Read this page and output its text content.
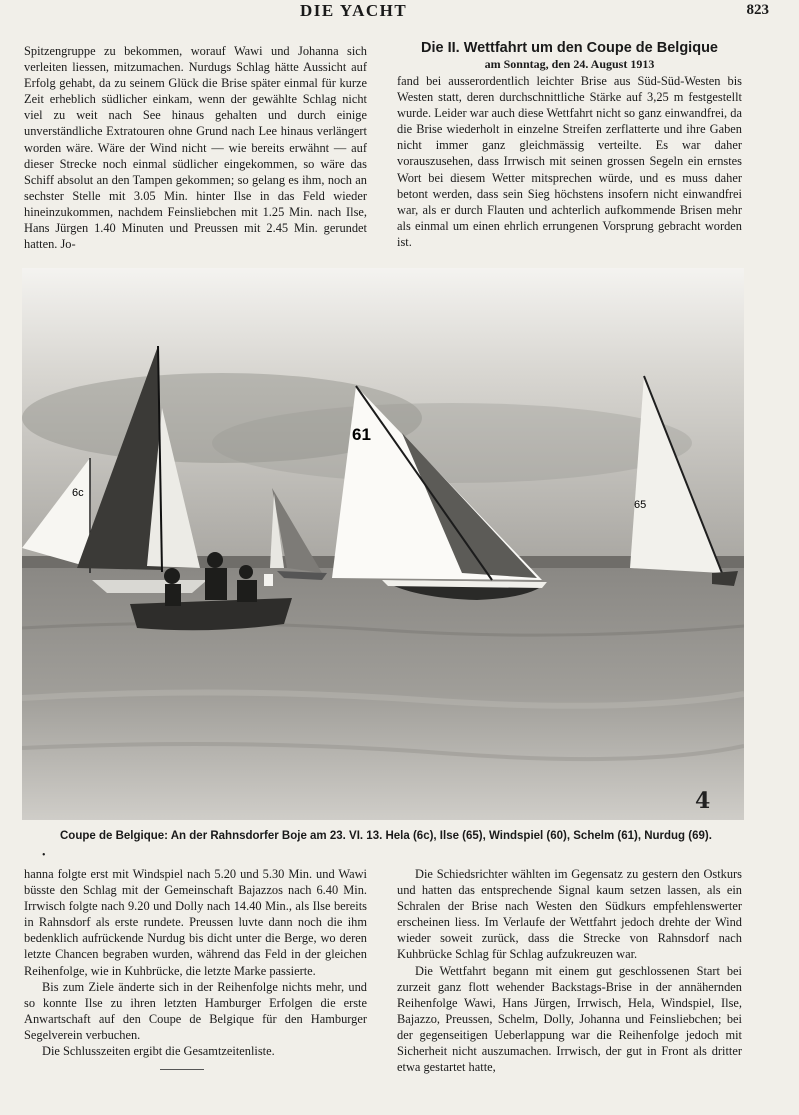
DIE YACHT	823

Spitzengruppe zu bekommen, worauf Wawi und Johanna sich verleiten liessen, mitzumachen. Nurdugs Schlag hätte Aussicht auf Erfolg gehabt, da zu seinem Glück die Brise später einmal für kurze Zeit erheblich südlicher einkam, wenn der gewählte Schlag nicht viel zu weit nach See hinaus gehalten und durch einige unverständliche Extratouren ohne Grund nach Lee hinaus verlängert worden wäre. Wäre der Wind nicht — wie bereits erwähnt — auf dieser Strecke noch einmal südlicher eingekommen, so wäre das Schiff absolut an den Tampen gekommen; so gelang es ihm, noch an sechster Stelle mit 3.05 Min. hinter Ilse in das Feld wieder hineinzukommen, nachdem Feinsliebchen mit 1.25 Min. nach Ilse, Hans Jürgen 1.40 Minuten und Preussen mit 2.45 Min. gerundet hatten. Jo-

Die II. Wettfahrt um den Coupe de Belgique
am Sonntag, den 24. August 1913

fand bei ausserordentlich leichter Brise aus Süd-Süd-Westen bis Westen statt, deren durchschnittliche Stärke auf 3,25 m festgestellt wurde. Leider war auch diese Wettfahrt nicht so ganz einwandfrei, da die Brise wiederholt in einzelne Streifen zerflatterte und ihre Gaben nicht immer ganz gleichmässig verteilte. Es war daher vorauszusehen, dass Irrwisch mit seinen grossen Segeln ein ernstes Wort bei diesem Wetter mitsprechen würde, und es muss daher betont werden, dass sein Sieg höchstens insofern nicht einwandfrei war, als er durch Flauten und achterlich aufkommende Brisen mehr als einmal um einen ehrlich errungenen Vorsprung gebracht worden ist.

6c
61
65
4
Coupe de Belgique: An der Rahnsdorfer Boje am 23. VI. 13. Hela (6c), Ilse (65), Windspiel (60), Schelm (61), Nurdug (69).
•

hanna folgte erst mit Windspiel nach 5.20 und 5.30 Min. und Wawi büsste den Schlag mit der Gemeinschaft Bajazzos nach 6.40 Min. Irrwisch folgte nach 9.20 und Dolly nach 14.40 Min., als Ilse bereits in Rahnsdorf als erste rundete. Preussen luvte dann noch die ihm bedenklich aufrückende Nurdug bis dicht unter die Berge, wo deren letzte Chancen begraben wurden, während das Feld in der gleichen Reihenfolge, wie in Kuhbrücke, die letzte Marke passierte.

Bis zum Ziele änderte sich in der Reihenfolge nichts mehr, und so konnte Ilse zu ihren letzten Hamburger Erfolgen die erste Anwartschaft auf den Coupe de Belgique für den Hamburger Segelverein verbuchen.

Die Schlusszeiten ergibt die Gesamtzeitenliste.

Die Schiedsrichter wählten im Gegensatz zu gestern den Ostkurs und hatten das entsprechende Signal kaum setzen lassen, als ein Schralen der Brise nach Westen den Südkurs empfehlenswerter erscheinen liess. Im Verlaufe der Wettfahrt jedoch drehte der Wind wieder soweit zurück, dass die Strecke von Rahnsdorf nach Kuhbrücke Schlag für Schlag aufzukreuzen war.

Die Wettfahrt begann mit einem gut geschlossenen Start bei zurzeit ganz flott wehender Backstags-Brise in der annähernden Reihenfolge Wawi, Hans Jürgen, Irrwisch, Hela, Windspiel, Ilse, Bajazzo, Preussen, Schelm, Dolly, Johanna und Feinsliebchen; bei der gegenseitigen Ueberlappung war die Reihenfolge jedoch mit Sicherheit nicht auszumachen. Irrwisch, der gut in Front als dritter etwa gestartet hatte,
